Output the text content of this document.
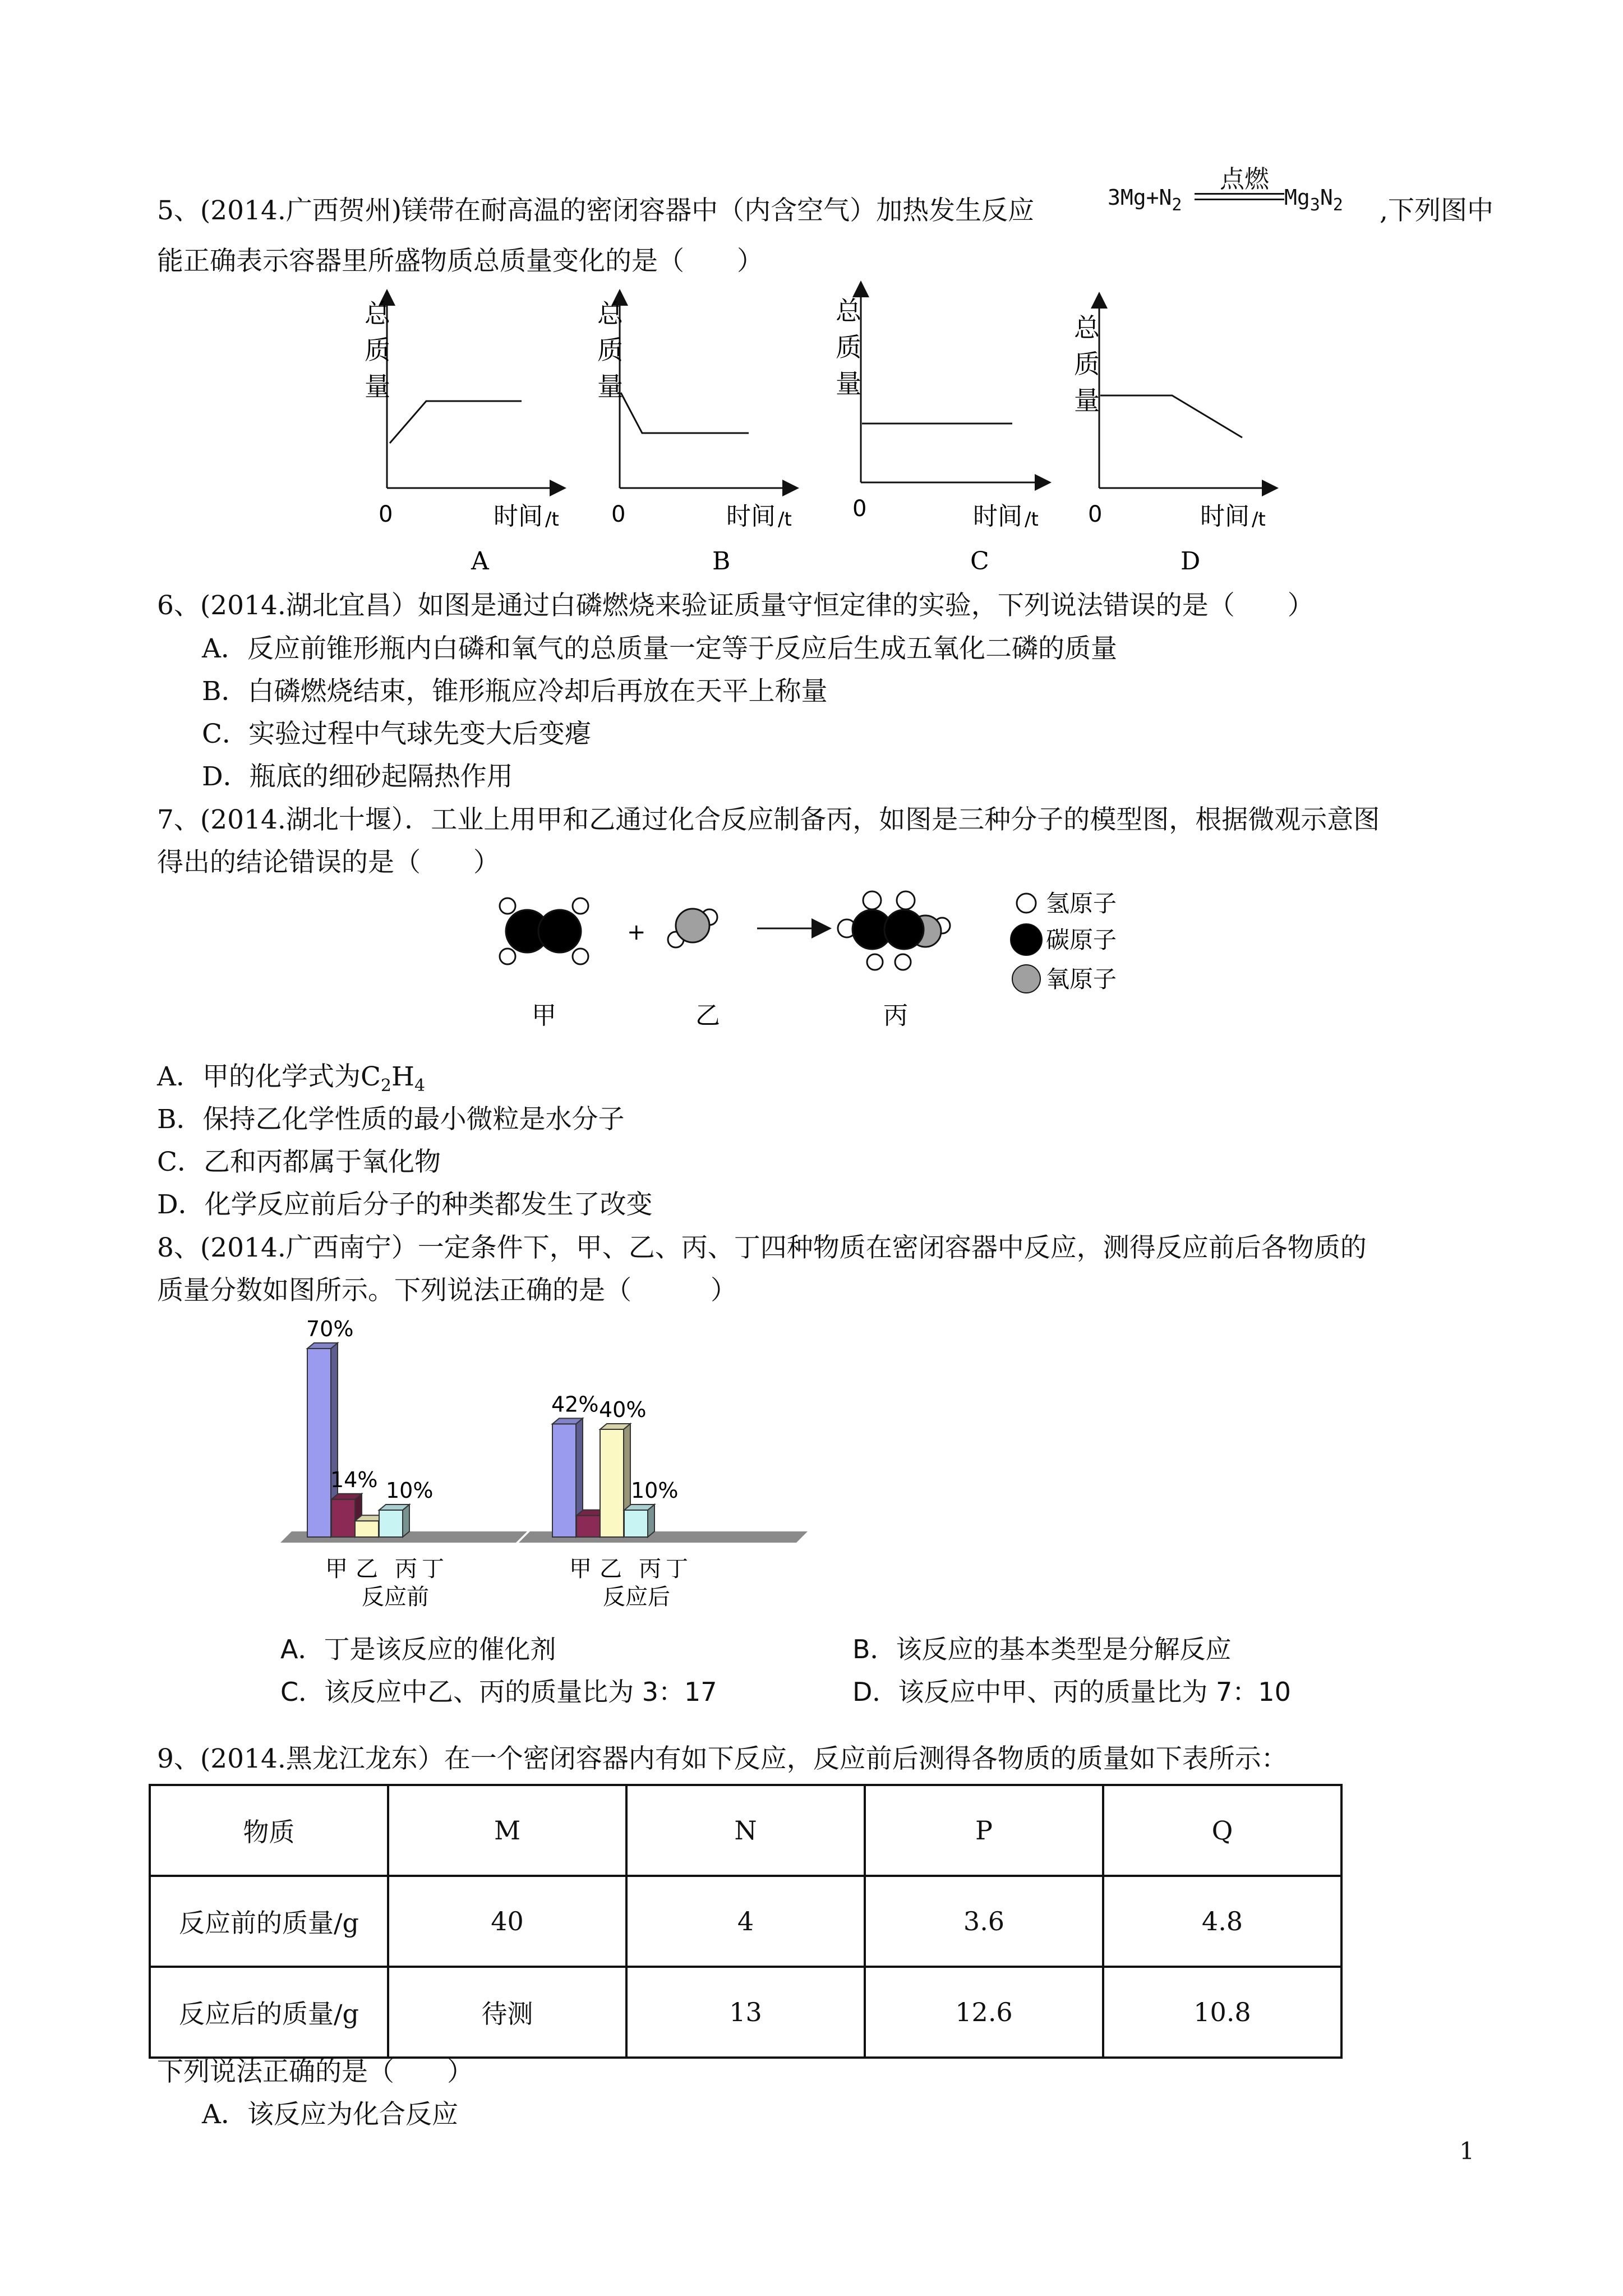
5、(2014.广西贺州)镁带在耐高温的密闭容器中（内含空气）加热发生反应	$3Mg+N_2$
点燃
$Mg_3N_2$ ,下列图中
能正确表示容器里所盛物质总质量变化的是（　　）
总
质
量
0	时间 /t
A
总
质
量
0	时间 /t
B
总
质
量
0	时间 /t
C
总
质
量
0	时间 /t
D
6、(2014.湖北宜昌）如图是通过白磷燃烧来验证质量守恒定律的实验，下列说法错误的是（　　）
A．反应前锥形瓶内白磷和氧气的总质量一定等于反应后生成五氧化二磷的质量
B．白磷燃烧结束，锥形瓶应冷却后再放在天平上称量
C．实验过程中气球先变大后变瘪
D．瓶底的细砂起隔热作用
7、(2014.湖北十堰）．工业上用甲和乙通过化合反应制备丙，如图是三种分子的模型图，根据微观示意图
得出的结论错误的是（　　）
+
甲	乙	丙
氢原子
碳原子
氧原子
A．甲的化学式为$C_2H_4$
B．保持乙化学性质的最小微粒是水分子
C．乙和丙都属于氧化物
D．化学反应前后分子的种类都发生了改变
8、(2014.广西南宁）一定条件下，甲、乙、丙、丁四种物质在密闭容器中反应，测得反应前后各物质的
质量分数如图所示。下列说法正确的是（　　　）
70%
14% 10%
42% 40%
10%
甲 乙 丙 丁
反应前
甲 乙 丙 丁
反应后
A．丁是该反应的催化剂	B．该反应的基本类型是分解反应
C．该反应中乙、丙的质量比为 3：17	D．该反应中甲、丙的质量比为 7：10
9、(2014.黑龙江龙东）在一个密闭容器内有如下反应，反应前后测得各物质的质量如下表所示：
物质	M	N	P	Q
反应前的质量/g	40	4	3.6	4.8
反应后的质量/g	待测	13	12.6	10.8
下列说法正确的是（　　）
A．该反应为化合反应
1
